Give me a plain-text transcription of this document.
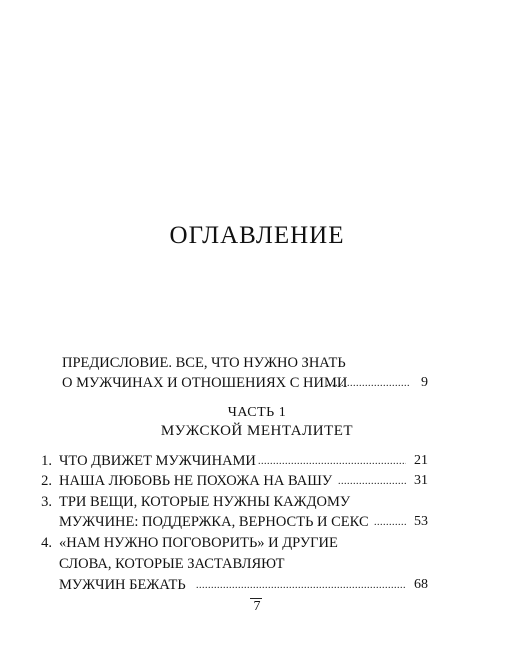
ОГЛАВЛЕНИЕ
ПРЕДИСЛОВИЕ. ВСЕ, ЧТО НУЖНО ЗНАТЬ
О МУЖЧИНАХ И ОТНОШЕНИЯХ С НИМИ . . .	9
ЧАСТЬ 1
МУЖСКОЙ МЕНТАЛИТЕТ
1. ЧТО ДВИЖЕТ МУЖЧИНАМИ . . .	21
2. НАША ЛЮБОВЬ НЕ ПОХОЖА НА ВАШУ . . .	31
3. ТРИ ВЕЩИ, КОТОРЫЕ НУЖНЫ КАЖДОМУ
МУЖЧИНЕ: ПОДДЕРЖКА, ВЕРНОСТЬ И СЕКС . . .	53
4. «НАМ НУЖНО ПОГОВОРИТЬ» И ДРУГИЕ
СЛОВА, КОТОРЫЕ ЗАСТАВЛЯЮТ
МУЖЧИН БЕЖАТЬ . . .	68
7
